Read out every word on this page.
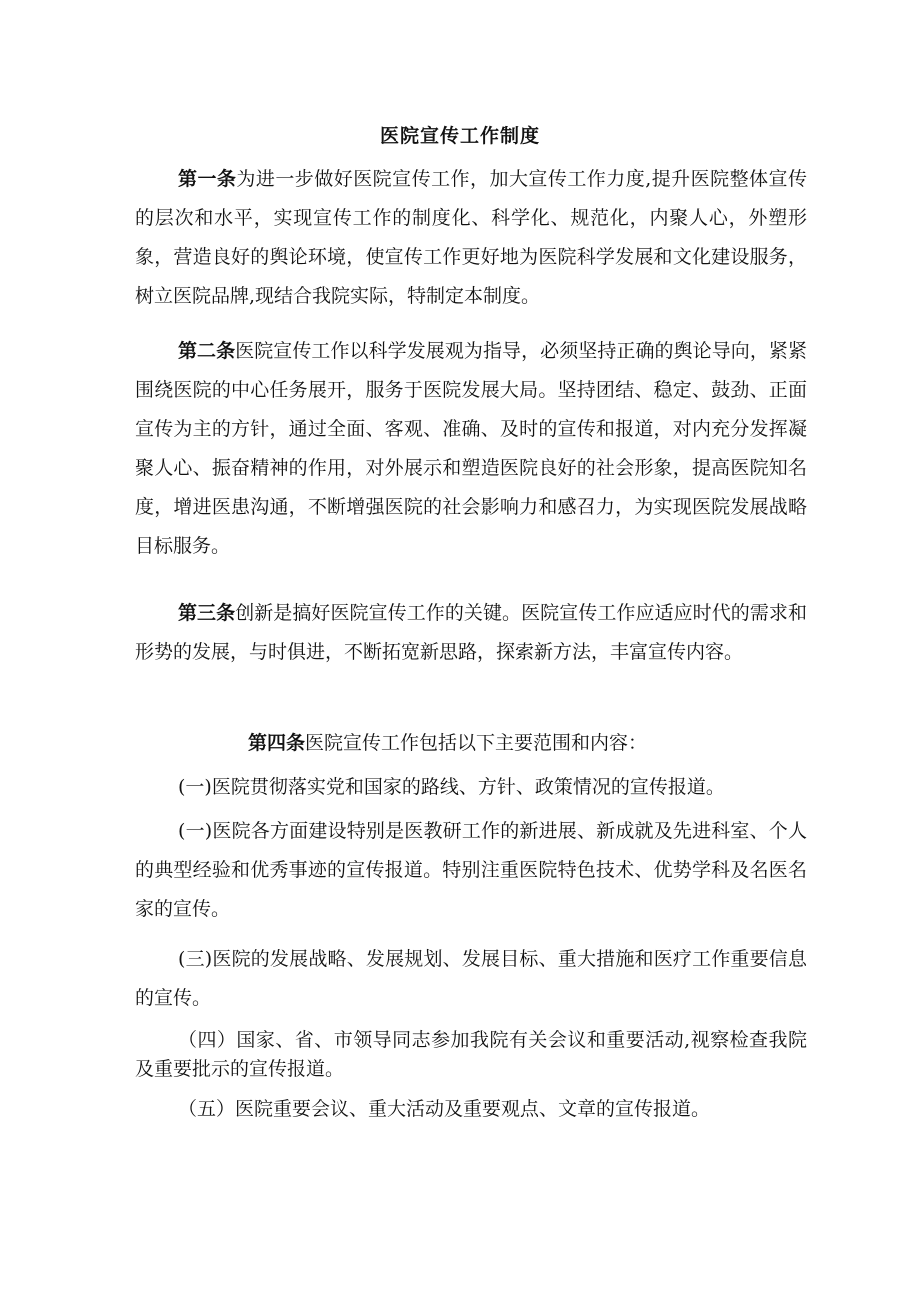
医院宣传工作制度

第一条为进一步做好医院宣传工作，加大宣传工作力度,提升医院整体宣传的层次和水平，实现宣传工作的制度化、科学化、规范化，内聚人心，外塑形象，营造良好的舆论环境，使宣传工作更好地为医院科学发展和文化建设服务，树立医院品牌,现结合我院实际，特制定本制度。

第二条医院宣传工作以科学发展观为指导，必须坚持正确的舆论导向，紧紧围绕医院的中心任务展开，服务于医院发展大局。坚持团结、稳定、鼓劲、正面宣传为主的方针，通过全面、客观、准确、及时的宣传和报道，对内充分发挥凝聚人心、振奋精神的作用，对外展示和塑造医院良好的社会形象，提高医院知名度，增进医患沟通，不断增强医院的社会影响力和感召力，为实现医院发展战略目标服务。

第三条创新是搞好医院宣传工作的关键。医院宣传工作应适应时代的需求和形势的发展，与时俱进，不断拓宽新思路，探索新方法，丰富宣传内容。

第四条医院宣传工作包括以下主要范围和内容：

(一)医院贯彻落实党和国家的路线、方针、政策情况的宣传报道。

(一)医院各方面建设特别是医教研工作的新进展、新成就及先进科室、个人的典型经验和优秀事迹的宣传报道。特别注重医院特色技术、优势学科及名医名家的宣传。

(三)医院的发展战略、发展规划、发展目标、重大措施和医疗工作重要信息的宣传。

（四）国家、省、市领导同志参加我院有关会议和重要活动,视察检查我院及重要批示的宣传报道。

（五）医院重要会议、重大活动及重要观点、文章的宣传报道。
